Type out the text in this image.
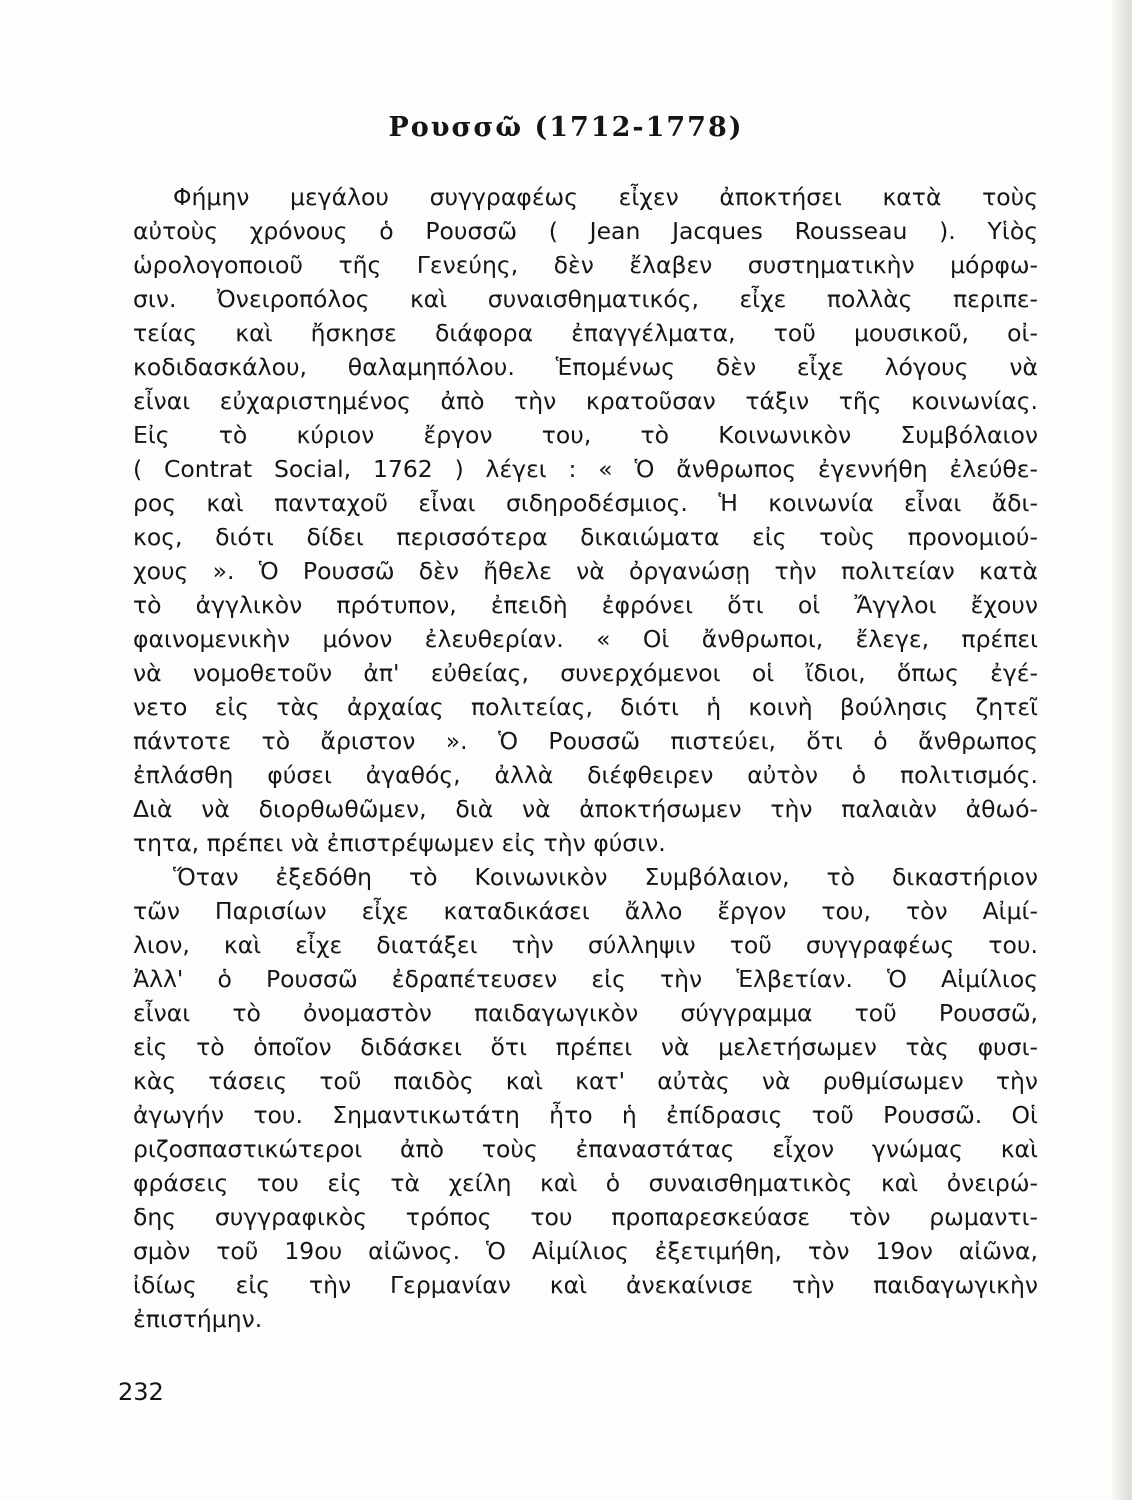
Ρουσσῶ (1712-1778)
Φήμην μεγάλου συγγραφέως εἶχεν ἀποκτήσει κατὰ τοὺς
αὐτοὺς χρόνους ὁ Ρουσσῶ ( Jean Jacques Rousseau ). Υἱὸς
ὡρολογοποιοῦ τῆς Γενεύης, δὲν ἔλαβεν συστηματικὴν μόρφω-
σιν. Ὀνειροπόλος καὶ συναισθηματικός, εἶχε πολλὰς περιπε-
τείας καὶ ἤσκησε διάφορα ἐπαγγέλματα, τοῦ μουσικοῦ, οἰ-
κοδιδασκάλου, θαλαμηπόλου. Ἑπομένως δὲν εἶχε λόγους νὰ
εἶναι εὐχαριστημένος ἀπὸ τὴν κρατοῦσαν τάξιν τῆς κοινωνίας.
Εἰς τὸ κύριον ἔργον του, τὸ Κοινωνικὸν Συμβόλαιον
( Contrat Social, 1762 ) λέγει : « Ὁ ἄνθρωπος ἐγεννήθη ἐλεύθε-
ρος καὶ πανταχοῦ εἶναι σιδηροδέσμιος. Ἡ κοινωνία εἶναι ἄδι-
κος, διότι δίδει περισσότερα δικαιώματα εἰς τοὺς προνομιού-
χους ». Ὁ Ρουσσῶ δὲν ἤθελε νὰ ὀργανώσῃ τὴν πολιτείαν κατὰ
τὸ ἀγγλικὸν πρότυπον, ἐπειδὴ ἐφρόνει ὅτι οἱ Ἄγγλοι ἔχουν
φαινομενικὴν μόνον ἐλευθερίαν. « Οἱ ἄνθρωποι, ἔλεγε, πρέπει
νὰ νομοθετοῦν ἀπ' εὐθείας, συνερχόμενοι οἱ ἴδιοι, ὅπως ἐγέ-
νετο εἰς τὰς ἀρχαίας πολιτείας, διότι ἡ κοινὴ βούλησις ζητεῖ
πάντοτε τὸ ἄριστον ». Ὁ Ρουσσῶ πιστεύει, ὅτι ὁ ἄνθρωπος
ἐπλάσθη φύσει ἀγαθός, ἀλλὰ διέφθειρεν αὐτὸν ὁ πολιτισμός.
Διὰ νὰ διορθωθῶμεν, διὰ νὰ ἀποκτήσωμεν τὴν παλαιὰν ἀθωό-
τητα, πρέπει νὰ ἐπιστρέψωμεν εἰς τὴν φύσιν.
Ὅταν ἐξεδόθη τὸ Κοινωνικὸν Συμβόλαιον, τὸ δικαστήριον
τῶν Παρισίων εἶχε καταδικάσει ἄλλο ἔργον του, τὸν Αἰμί-
λιον, καὶ εἶχε διατάξει τὴν σύλληψιν τοῦ συγγραφέως του.
Ἀλλ' ὁ Ρουσσῶ ἐδραπέτευσεν εἰς τὴν Ἑλβετίαν. Ὁ Αἰμίλιος
εἶναι τὸ ὀνομαστὸν παιδαγωγικὸν σύγγραμμα τοῦ Ρουσσῶ,
εἰς τὸ ὁποῖον διδάσκει ὅτι πρέπει νὰ μελετήσωμεν τὰς φυσι-
κὰς τάσεις τοῦ παιδὸς καὶ κατ' αὐτὰς νὰ ρυθμίσωμεν τὴν
ἀγωγήν του. Σημαντικωτάτη ἦτο ἡ ἐπίδρασις τοῦ Ρουσσῶ. Οἱ
ριζοσπαστικώτεροι ἀπὸ τοὺς ἐπαναστάτας εἶχον γνώμας καὶ
φράσεις του εἰς τὰ χείλη καὶ ὁ συναισθηματικὸς καὶ ὀνειρώ-
δης συγγραφικὸς τρόπος του προπαρεσκεύασε τὸν ρωμαντι-
σμὸν τοῦ 19ου αἰῶνος. Ὁ Αἰμίλιος ἐξετιμήθη, τὸν 19ον αἰῶνα,
ἰδίως εἰς τὴν Γερμανίαν καὶ ἀνεκαίνισε τὴν παιδαγωγικὴν
ἐπιστήμην.
232
